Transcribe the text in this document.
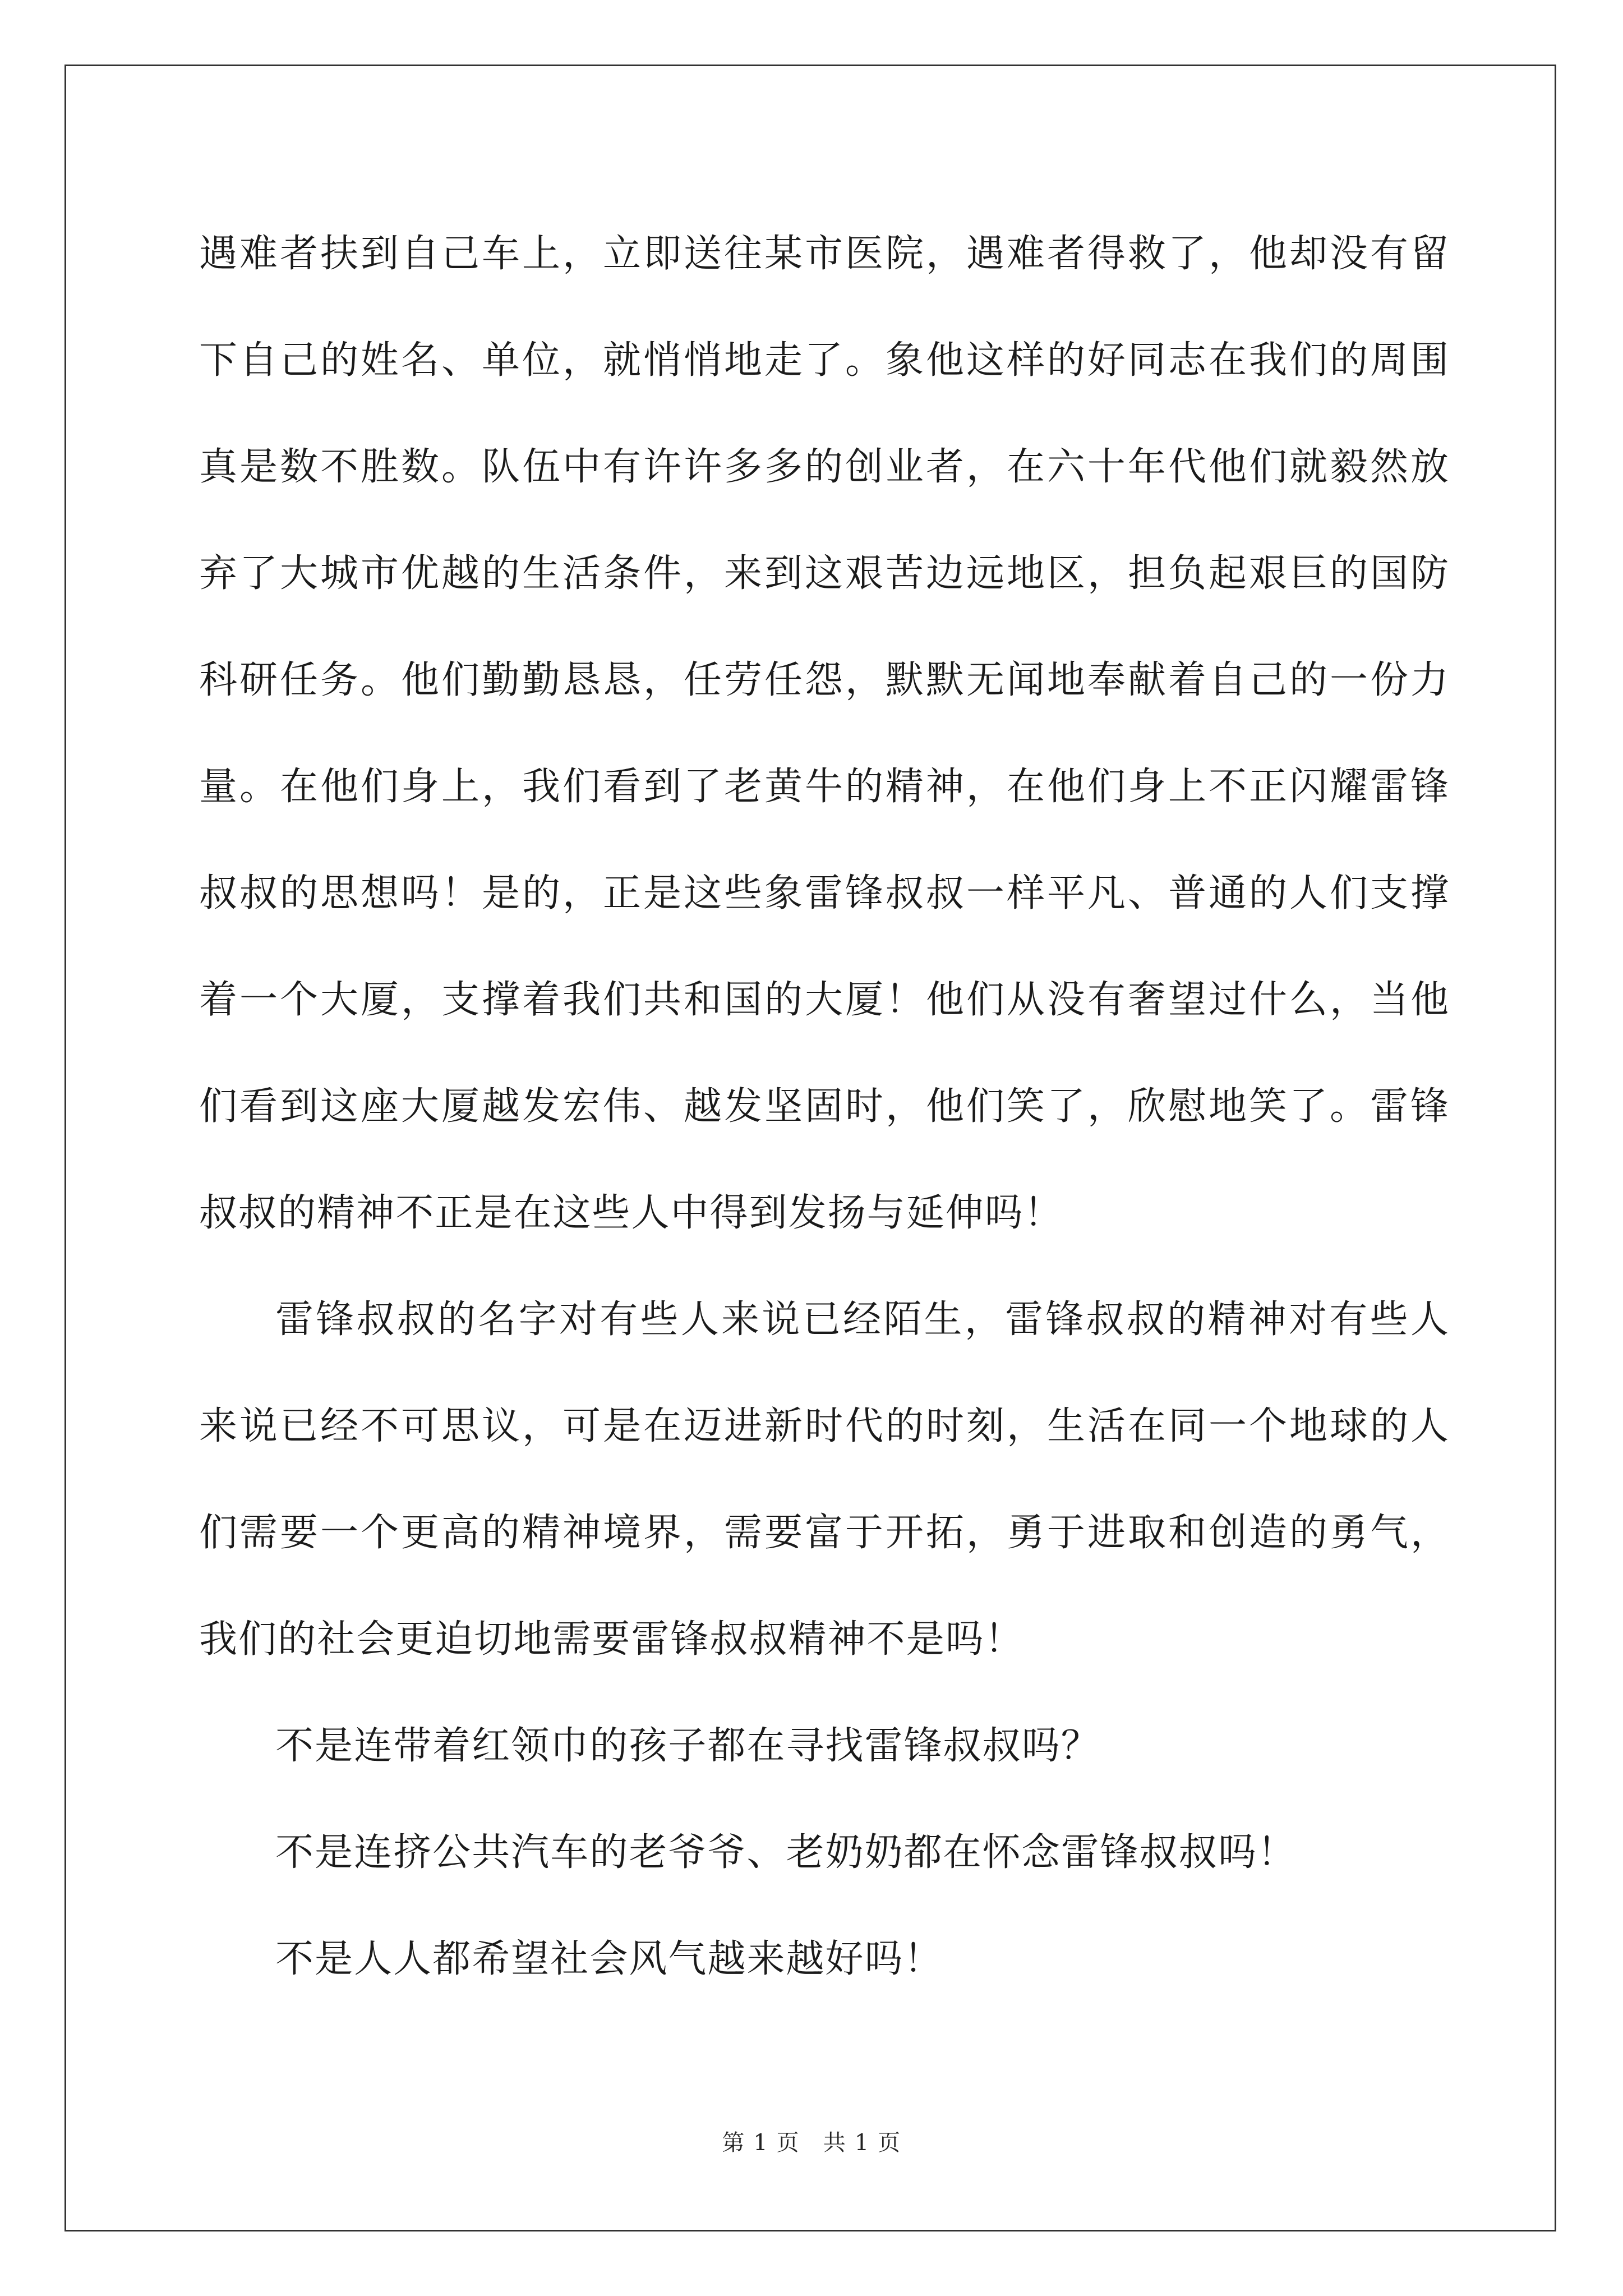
遇难者扶到自己车上，立即送往某市医院，遇难者得救了，他却没有留下自己的姓名、单位，就悄悄地走了。象他这样的好同志在我们的周围真是数不胜数。队伍中有许许多多的创业者，在六十年代他们就毅然放弃了大城市优越的生活条件，来到这艰苦边远地区，担负起艰巨的国防科研任务。他们勤勤恳恳，任劳任怨，默默无闻地奉献着自己的一份力量。在他们身上，我们看到了老黄牛的精神，在他们身上不正闪耀雷锋叔叔的思想吗！是的，正是这些象雷锋叔叔一样平凡、普通的人们支撑着一个大厦，支撑着我们共和国的大厦！他们从没有奢望过什么，当他们看到这座大厦越发宏伟、越发坚固时，他们笑了，欣慰地笑了。雷锋叔叔的精神不正是在这些人中得到发扬与延伸吗！

雷锋叔叔的名字对有些人来说已经陌生，雷锋叔叔的精神对有些人来说已经不可思议，可是在迈进新时代的时刻，生活在同一个地球的人们需要一个更高的精神境界，需要富于开拓，勇于进取和创造的勇气，我们的社会更迫切地需要雷锋叔叔精神不是吗！

不是连带着红领巾的孩子都在寻找雷锋叔叔吗？

不是连挤公共汽车的老爷爷、老奶奶都在怀念雷锋叔叔吗！

不是人人都希望社会风气越来越好吗！

第 1 页　共 1 页
